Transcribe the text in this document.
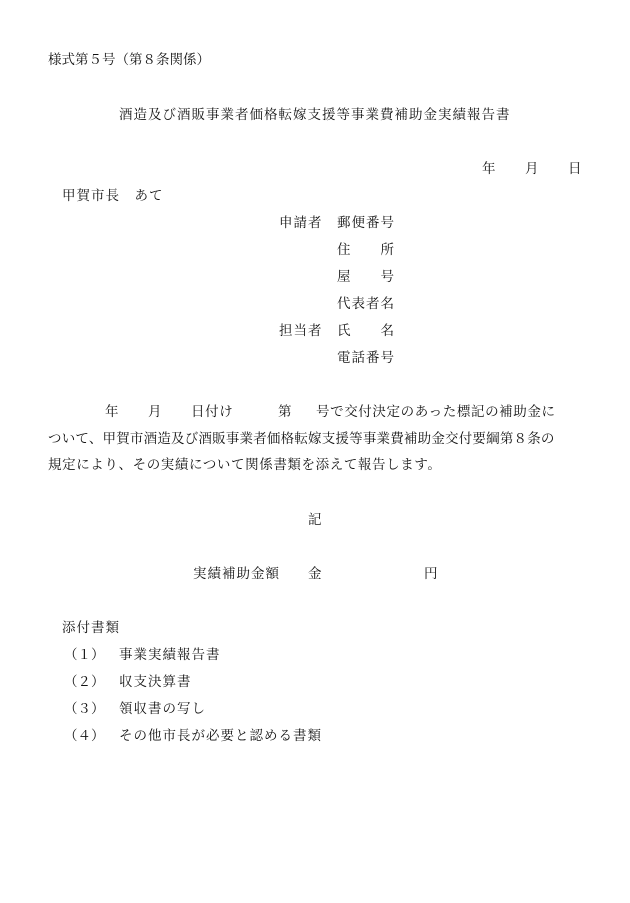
様式第５号（第８条関係）
酒造及び酒販事業者価格転嫁支援等事業費補助金実績報告書
年 月 日
甲賀市長　あて
申請者 郵便番号
住　　所
屋　　号
代表者名
担当者 氏　　名
電話番号
年 月 日付け	第 号で交付決定のあった標記の補助金に
ついて、甲賀市酒造及び酒販事業者価格転嫁支援等事業費補助金交付要綱第８条の
規定により、その実績について関係書類を添えて報告します。
記
実績補助金額 金	円
添付書類
（１） 事業実績報告書
（２） 収支決算書
（３） 領収書の写し
（４） その他市長が必要と認める書類
